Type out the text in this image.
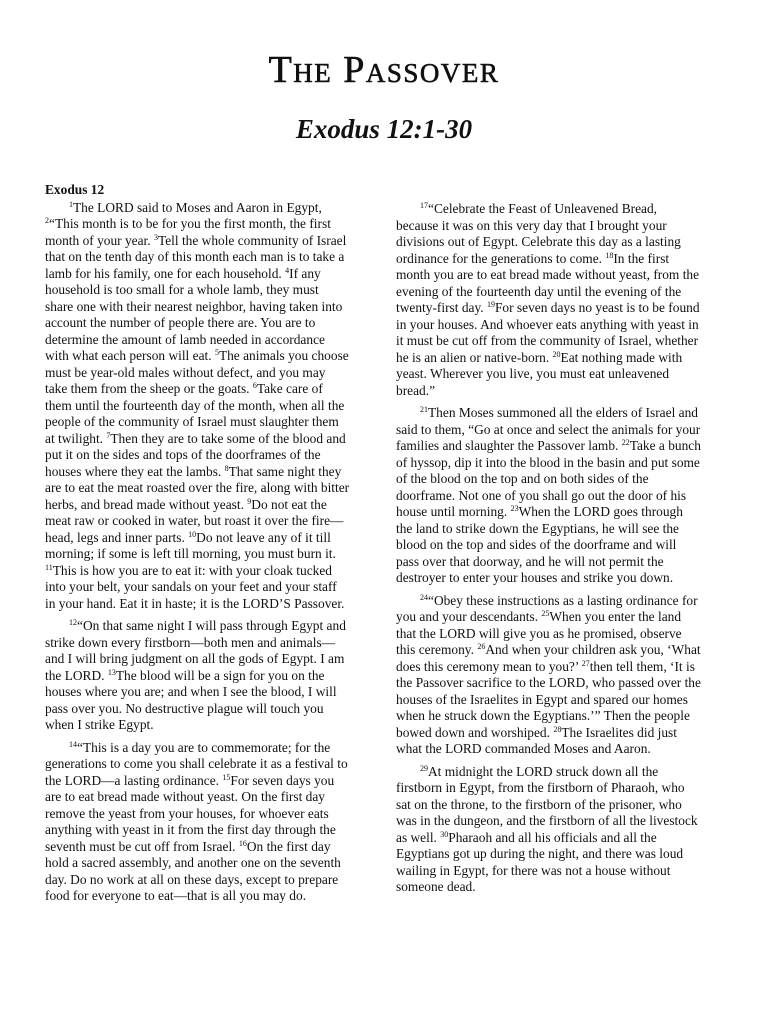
The Passover
Exodus 12:1-30
Exodus 12

$^1$The LORD said to Moses and Aaron in Egypt, $^2$“This month is to be for you the first month, the first month of your year. $^3$Tell the whole community of Israel that on the tenth day of this month each man is to take a lamb for his family, one for each household. $^4$If any household is too small for a whole lamb, they must share one with their nearest neighbor, having taken into account the number of people there are. You are to determine the amount of lamb needed in accordance with what each person will eat. $^5$The animals you choose must be year-old males without defect, and you may take them from the sheep or the goats. $^6$Take care of them until the fourteenth day of the month, when all the people of the community of Israel must slaughter them at twilight. $^7$Then they are to take some of the blood and put it on the sides and tops of the doorframes of the houses where they eat the lambs. $^8$That same night they are to eat the meat roasted over the fire, along with bitter herbs, and bread made without yeast. $^9$Do not eat the meat raw or cooked in water, but roast it over the fire—head, legs and inner parts. $^{10}$Do not leave any of it till morning; if some is left till morning, you must burn it. $^{11}$This is how you are to eat it: with your cloak tucked into your belt, your sandals on your feet and your staff in your hand. Eat it in haste; it is the LORD’S Passover.

$^{12}$“On that same night I will pass through Egypt and strike down every firstborn—both men and animals—and I will bring judgment on all the gods of Egypt. I am the LORD. $^{13}$The blood will be a sign for you on the houses where you are; and when I see the blood, I will pass over you. No destructive plague will touch you when I strike Egypt.

$^{14}$“This is a day you are to commemorate; for the generations to come you shall celebrate it as a festival to the LORD—a lasting ordinance. $^{15}$For seven days you are to eat bread made without yeast. On the first day remove the yeast from your houses, for whoever eats anything with yeast in it from the first day through the seventh must be cut off from Israel. $^{16}$On the first day hold a sacred assembly, and another one on the seventh day. Do no work at all on these days, except to prepare food for everyone to eat—that is all you may do.

$^{17}$“Celebrate the Feast of Unleavened Bread, because it was on this very day that I brought your divisions out of Egypt. Celebrate this day as a lasting ordinance for the generations to come. $^{18}$In the first month you are to eat bread made without yeast, from the evening of the fourteenth day until the evening of the twenty-first day. $^{19}$For seven days no yeast is to be found in your houses. And whoever eats anything with yeast in it must be cut off from the community of Israel, whether he is an alien or native-born. $^{20}$Eat nothing made with yeast. Wherever you live, you must eat unleavened bread.”

$^{21}$Then Moses summoned all the elders of Israel and said to them, “Go at once and select the animals for your families and slaughter the Passover lamb. $^{22}$Take a bunch of hyssop, dip it into the blood in the basin and put some of the blood on the top and on both sides of the doorframe. Not one of you shall go out the door of his house until morning. $^{23}$When the LORD goes through the land to strike down the Egyptians, he will see the blood on the top and sides of the doorframe and will pass over that doorway, and he will not permit the destroyer to enter your houses and strike you down.

$^{24}$“Obey these instructions as a lasting ordinance for you and your descendants. $^{25}$When you enter the land that the LORD will give you as he promised, observe this ceremony. $^{26}$And when your children ask you, ‘What does this ceremony mean to you?’ $^{27}$then tell them, ‘It is the Passover sacrifice to the LORD, who passed over the houses of the Israelites in Egypt and spared our homes when he struck down the Egyptians.’” Then the people bowed down and worshiped. $^{28}$The Israelites did just what the LORD commanded Moses and Aaron.

$^{29}$At midnight the LORD struck down all the firstborn in Egypt, from the firstborn of Pharaoh, who sat on the throne, to the firstborn of the prisoner, who was in the dungeon, and the firstborn of all the livestock as well. $^{30}$Pharaoh and all his officials and all the Egyptians got up during the night, and there was loud wailing in Egypt, for there was not a house without someone dead.
